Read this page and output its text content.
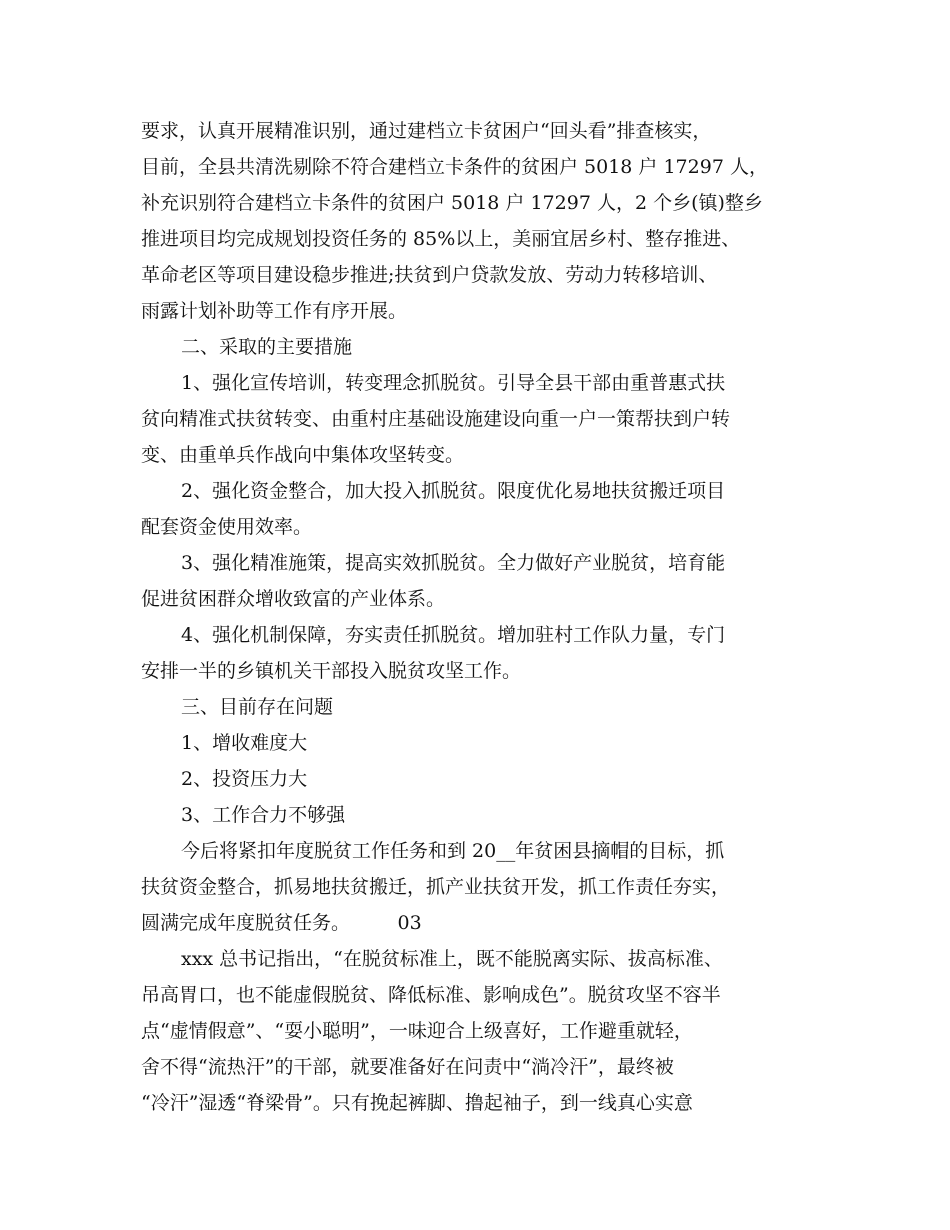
要求，认真开展精准识别，通过建档立卡贫困户“回头看”排查核实，
目前，全县共清洗剔除不符合建档立卡条件的贫困户 5018 户 17297 人，
补充识别符合建档立卡条件的贫困户 5018 户 17297 人，2 个乡(镇)整乡
推进项目均完成规划投资任务的 85%以上，美丽宜居乡村、整存推进、
革命老区等项目建设稳步推进;扶贫到户贷款发放、劳动力转移培训、
雨露计划补助等工作有序开展。

二、采取的主要措施

1、强化宣传培训，转变理念抓脱贫。引导全县干部由重普惠式扶
贫向精准式扶贫转变、由重村庄基础设施建设向重一户一策帮扶到户转
变、由重单兵作战向中集体攻坚转变。

2、强化资金整合，加大投入抓脱贫。限度优化易地扶贫搬迁项目
配套资金使用效率。

3、强化精准施策，提高实效抓脱贫。全力做好产业脱贫，培育能
促进贫困群众增收致富的产业体系。

4、强化机制保障，夯实责任抓脱贫。增加驻村工作队力量，专门
安排一半的乡镇机关干部投入脱贫攻坚工作。

三、目前存在问题

1、增收难度大

2、投资压力大

3、工作合力不够强

今后将紧扣年度脱贫工作任务和到 20__年贫困县摘帽的目标，抓
扶贫资金整合，抓易地扶贫搬迁，抓产业扶贫开发，抓工作责任夯实，
圆满完成年度脱贫任务。　　　03

xxx 总书记指出，“在脱贫标准上，既不能脱离实际、拔高标准、
吊高胃口，也不能虚假脱贫、降低标准、影响成色”。脱贫攻坚不容半
点“虚情假意”、“耍小聪明”，一味迎合上级喜好，工作避重就轻，
舍不得“流热汗”的干部，就要准备好在问责中“淌冷汗”，最终被
“冷汗”湿透“脊梁骨”。只有挽起裤脚、撸起袖子，到一线真心实意
